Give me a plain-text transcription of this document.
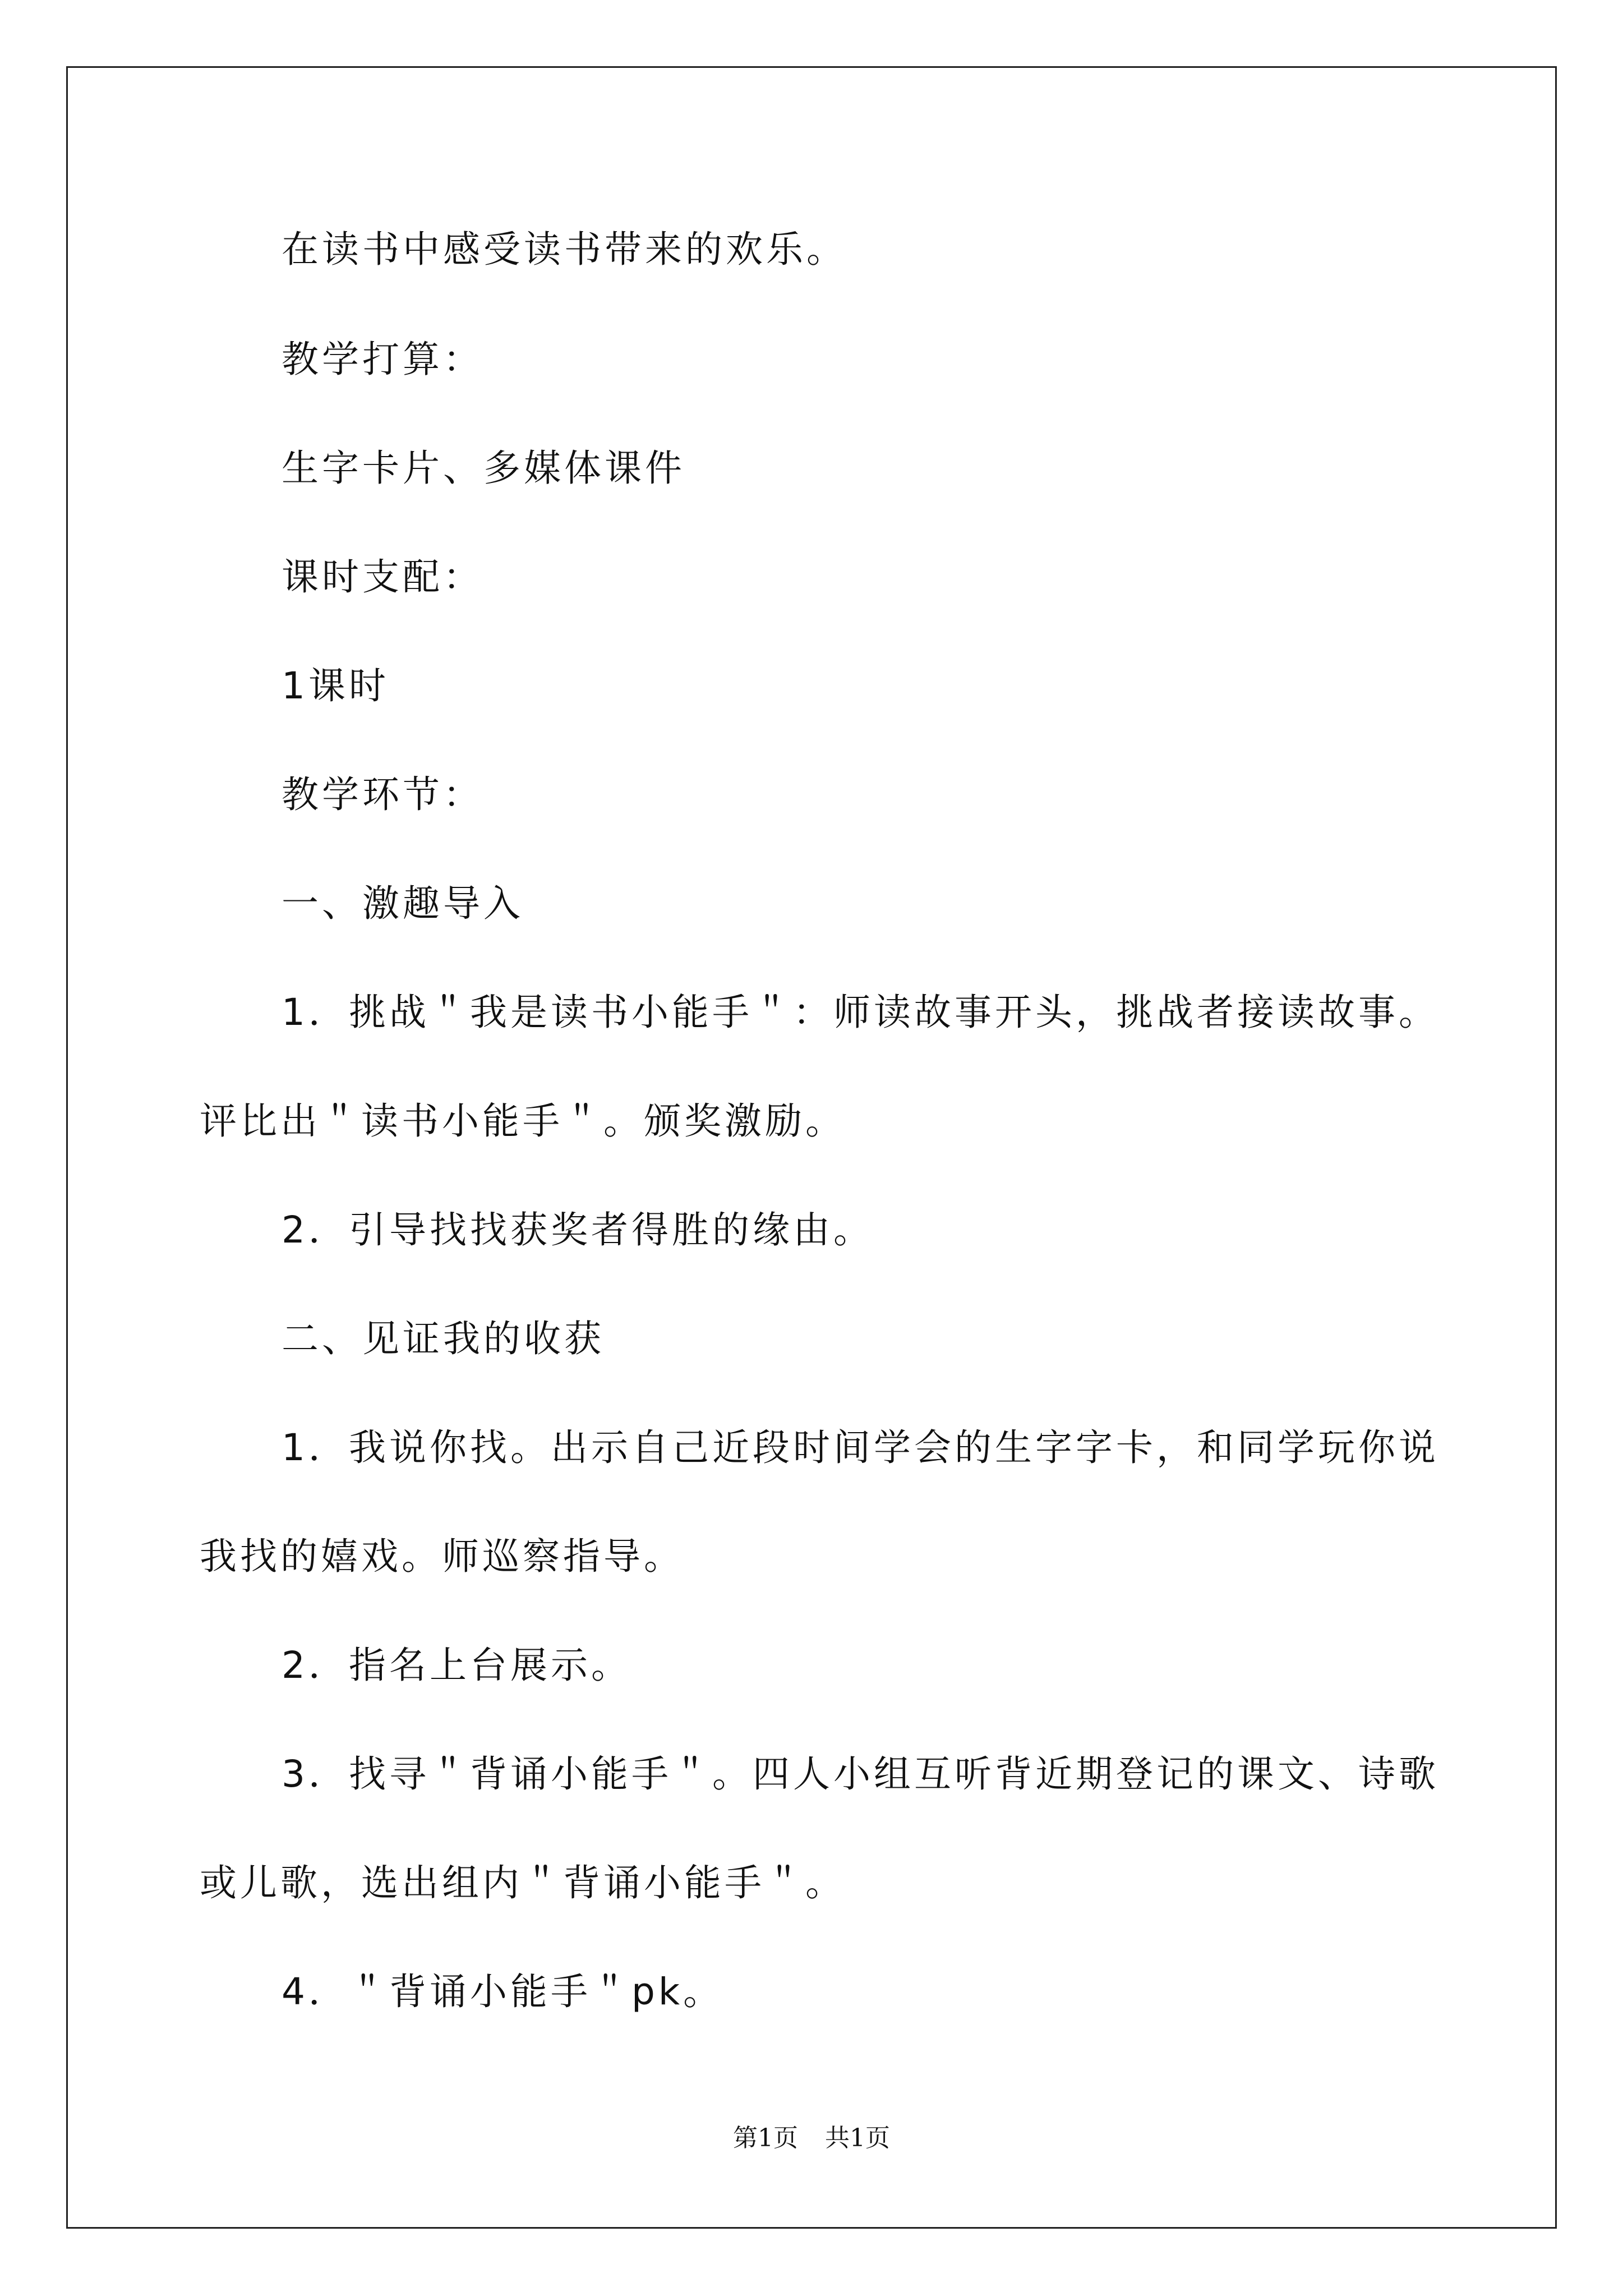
在读书中感受读书带来的欢乐。
教学打算：
生字卡片、多媒体课件
课时支配：
1课时
教学环节：
一、激趣导入
1．挑战＂我是读书小能手＂：师读故事开头，挑战者接读故事。
评比出＂读书小能手＂。颁奖激励。
2．引导找找获奖者得胜的缘由。
二、见证我的收获
1．我说你找。出示自己近段时间学会的生字字卡，和同学玩你说
我找的嬉戏。师巡察指导。
2．指名上台展示。
3．找寻＂背诵小能手＂。四人小组互听背近期登记的课文、诗歌
或儿歌，选出组内＂背诵小能手＂。
4．＂背诵小能手＂pk。
第1页 共1页
